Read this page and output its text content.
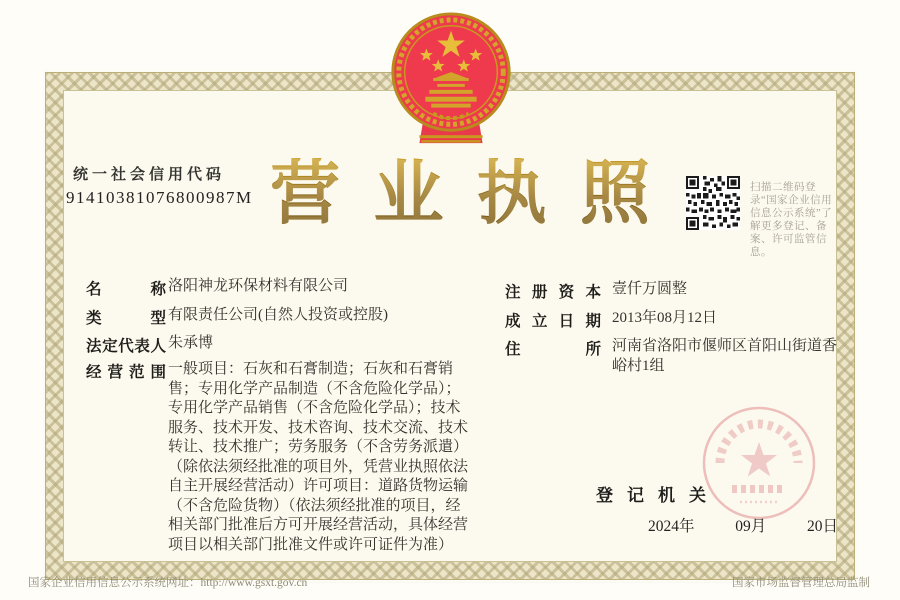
统一社会信用代码
91410381076800987M 营 业 执 照	扫描二维码登录“国家企业信用信息公示系统”了解更多登记、备案、许可监管信息。
名称 洛阳神龙环保材料有限公司
类型 有限责任公司(自然人投资或控股)
法定代表人 朱承博
经营范围 一般项目：石灰和石膏制造；石灰和石膏销售；专用化学产品制造（不含危险化学品）；专用化学产品销售（不含危险化学品）；技术服务、技术开发、技术咨询、技术交流、技术转让、技术推广；劳务服务（不含劳务派遣）（除依法须经批准的项目外，凭营业执照依法自主开展经营活动）许可项目：道路货物运输（不含危险货物）（依法须经批准的项目，经相关部门批准后方可开展经营活动，具体经营项目以相关部门批准文件或许可证件为准）
注册资本 壹仟万圆整
成立日期 2013年08月12日
住所 河南省洛阳市偃师区首阳山街道香峪村1组
登记机关
2024年	09月	20日
国家企业信用信息公示系统网址：http://www.gsxt.gov.cn	国家市场监督管理总局监制
